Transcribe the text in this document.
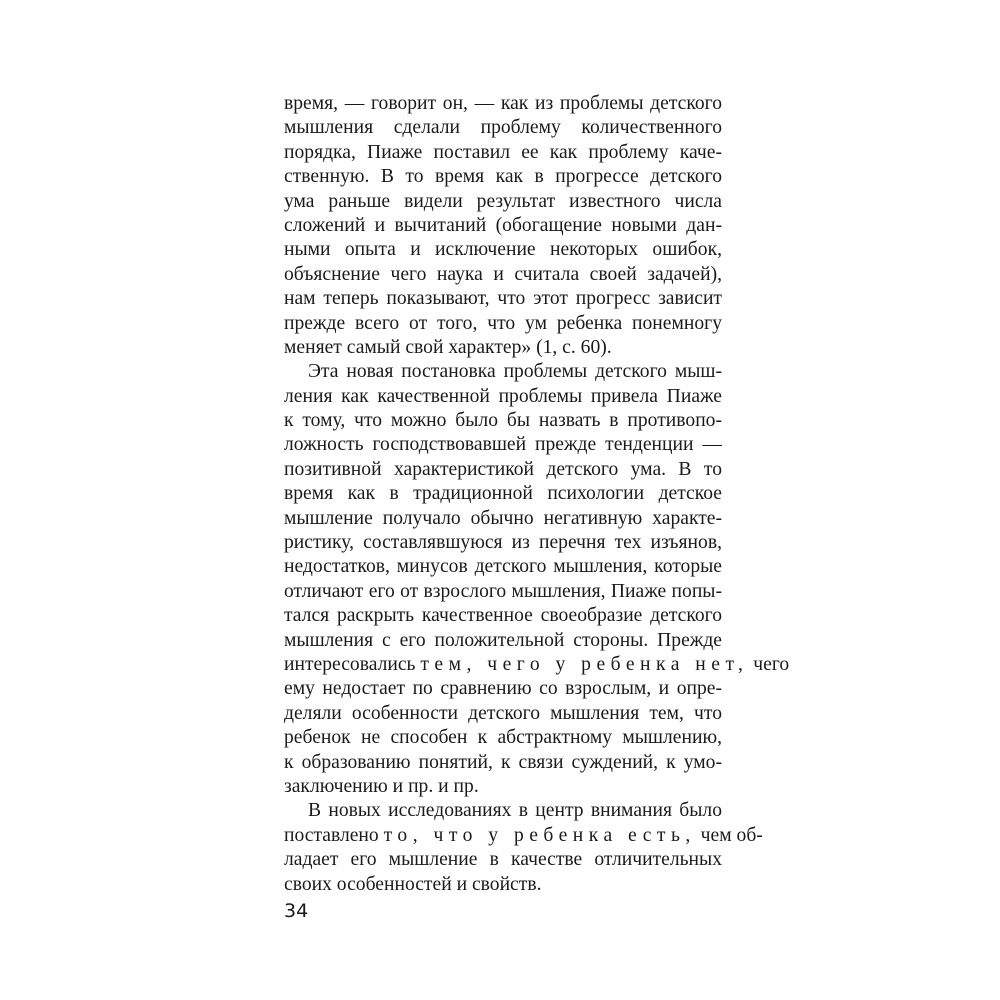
время, — говорит он, — как из проблемы детского
мышления сделали проблему количественного
порядка, Пиаже поставил ее как проблему каче-
ственную. В то время как в прогрессе детского
ума раньше видели результат известного числа
сложений и вычитаний (обогащение новыми дан-
ными опыта и исключение некоторых ошибок,
объяснение чего наука и считала своей задачей),
нам теперь показывают, что этот прогресс зависит
прежде всего от того, что ум ребенка понемногу
меняет самый свой характер» (1, с. 60).
Эта новая постановка проблемы детского мыш-
ления как качественной проблемы привела Пиаже
к тому, что можно было бы назвать в противопо-
ложность господствовавшей прежде тенденции —
позитивной характеристикой детского ума. В то
время как в традиционной психологии детское
мышление получало обычно негативную характе-
ристику, составлявшуюся из перечня тех изъянов,
недостатков, минусов детского мышления, которые
отличают его от взрослого мышления, Пиаже попы-
тался раскрыть качественное своеобразие детского
мышления с его положительной стороны. Прежде
интересовались тем, чего у ребенка нет, чего
ему недостает по сравнению со взрослым, и опре-
деляли особенности детского мышления тем, что
ребенок не способен к абстрактному мышлению,
к образованию понятий, к связи суждений, к умо-
заключению и пр. и пр.
В новых исследованиях в центр внимания было
поставлено то, что у ребенка есть, чем об-
ладает его мышление в качестве отличительных
своих особенностей и свойств.
34
